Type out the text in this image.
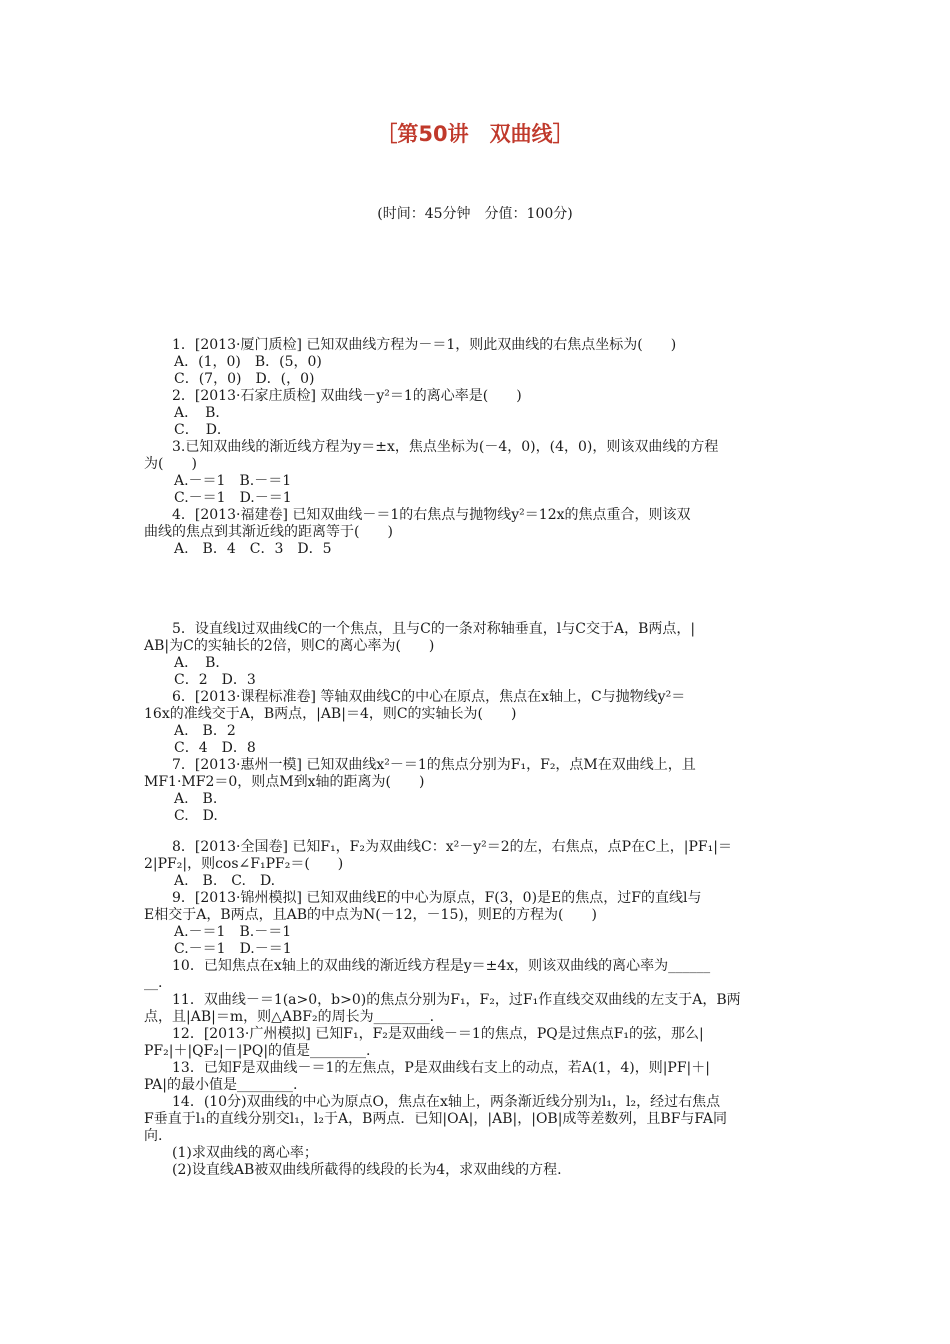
［第50讲　双曲线］
(时间：45分钟　分值：100分)
1．[2013·厦门质检] 已知双曲线方程为－＝1，则此双曲线的右焦点坐标为(　　)
A．(1，0)　B．(5，0)
C．(7，0)　D．(，0)
2．[2013·石家庄质检] 双曲线－y²＝1的离心率是(　　)
A．　B．
C．　D．
3.已知双曲线的渐近线方程为y＝±x，焦点坐标为(－4，0)，(4，0)，则该双曲线的方程
为(　　)
A.－＝1　B.－＝1
C.－＝1　D.－＝1
4．[2013·福建卷] 已知双曲线－＝1的右焦点与抛物线y²＝12x的焦点重合，则该双
曲线的焦点到其渐近线的距离等于(　　)
A.　B．4　C．3　D．5
5．设直线l过双曲线C的一个焦点，且与C的一条对称轴垂直，l与C交于A，B两点，|
AB|为C的实轴长的2倍，则C的离心率为(　　)
A．　B．
C．2　D．3
6．[2013·课程标准卷] 等轴双曲线C的中心在原点，焦点在x轴上，C与抛物线y²＝
16x的准线交于A，B两点，|AB|＝4，则C的实轴长为(　　)
A.　B．2
C．4　D．8
7．[2013·惠州一模] 已知双曲线x²－＝1的焦点分别为F₁，F₂，点M在双曲线上，且
MF1·MF2＝0，则点M到x轴的距离为(　　)
A.　B.
C.　D.
8．[2013·全国卷] 已知F₁，F₂为双曲线C：x²－y²＝2的左，右焦点，点P在C上，|PF₁|＝
2|PF₂|，则cos∠F₁PF₂＝(　　)
A.　B.　C.　D.
9．[2013·锦州模拟] 已知双曲线E的中心为原点，F(3，0)是E的焦点，过F的直线l与
E相交于A，B两点，且AB的中点为N(－12，－15)，则E的方程为(　　)
A.－＝1　B.－＝1
C.－＝1　D.－＝1
10．已知焦点在x轴上的双曲线的渐近线方程是y＝±4x，则该双曲线的离心率为______
__.
11．双曲线－＝1(a>0，b>0)的焦点分别为F₁，F₂，过F₁作直线交双曲线的左支于A，B两
点，且|AB|＝m，则△ABF₂的周长为________.
12．[2013·广州模拟] 已知F₁，F₂是双曲线－＝1的焦点，PQ是过焦点F₁的弦，那么|
PF₂|＋|QF₂|－|PQ|的值是________.
13．已知F是双曲线－＝1的左焦点，P是双曲线右支上的动点，若A(1，4)，则|PF|＋|
PA|的最小值是________.
14．(10分)双曲线的中心为原点O，焦点在x轴上，两条渐近线分别为l₁，l₂，经过右焦点
F垂直于l₁的直线分别交l₁，l₂于A，B两点．已知|OA|，|AB|，|OB|成等差数列，且BF与FA同
向.
(1)求双曲线的离心率；
(2)设直线AB被双曲线所截得的线段的长为4，求双曲线的方程.
